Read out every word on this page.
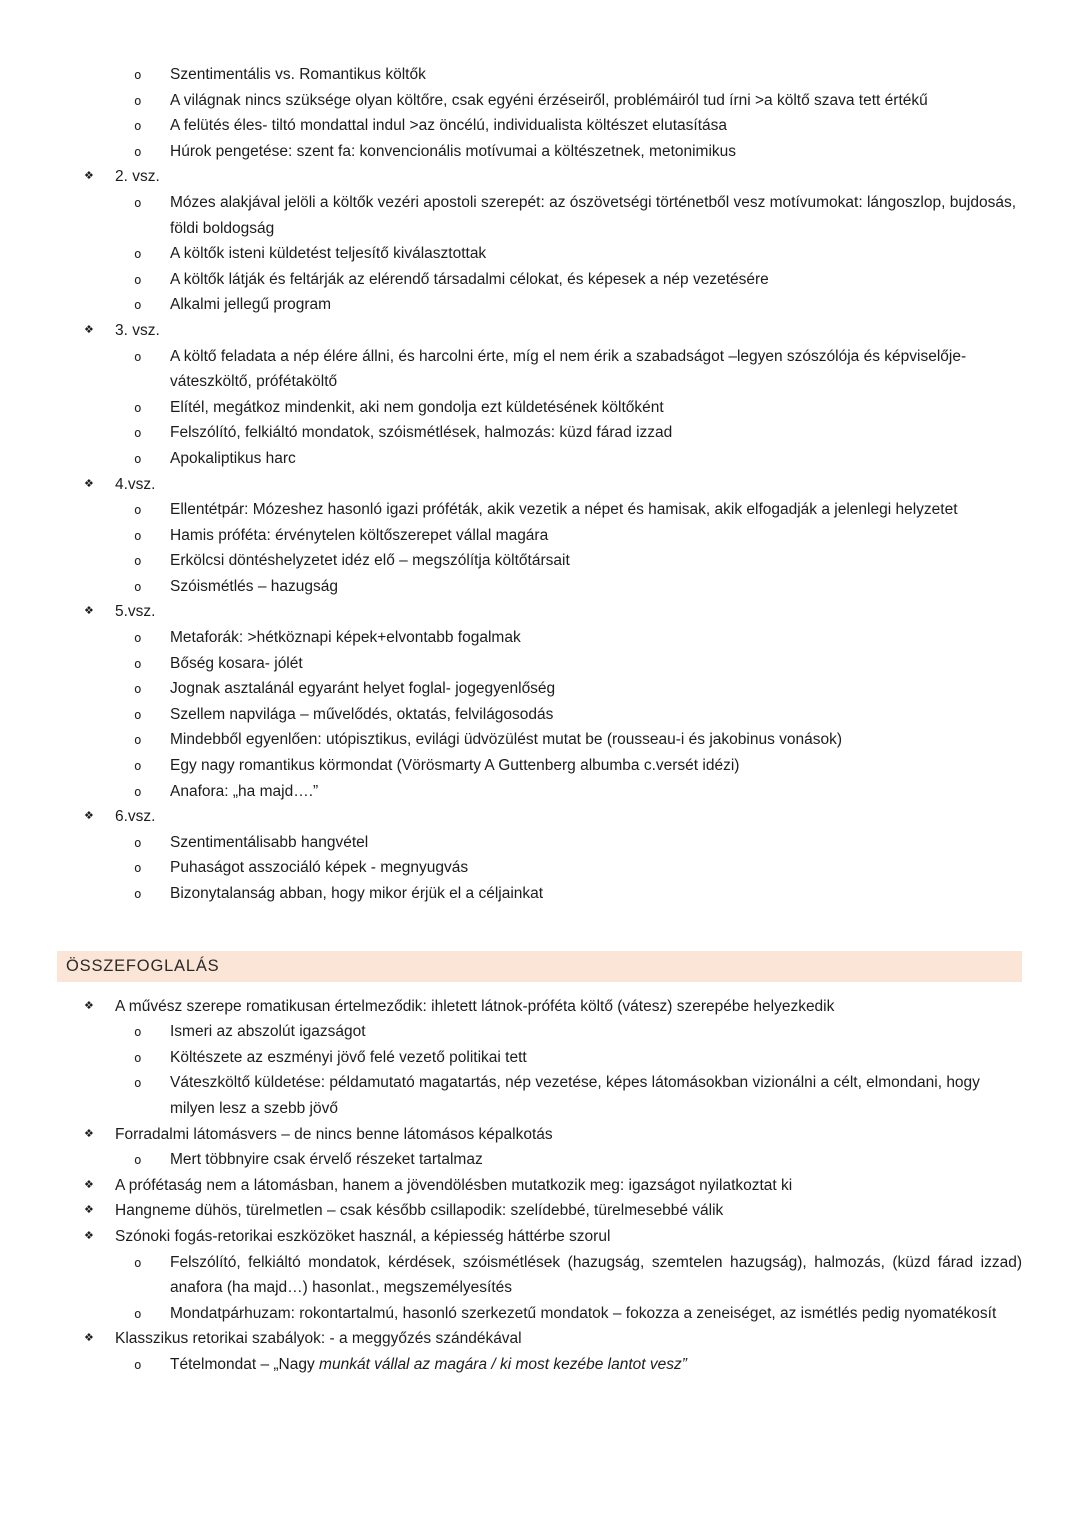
o	Szentimentális vs. Romantikus költők
o	A világnak nincs szüksége olyan költőre, csak egyéni érzéseiről, problémáiról tud írni >a költő szava tett értékű
o	A felütés éles- tiltó mondattal indul >az öncélú, individualista költészet elutasítása
o	Húrok pengetése: szent fa: konvencionális motívumai a költészetnek, metonimikus
❖	2. vsz.
o	Mózes alakjával jelöli a költők vezéri apostoli szerepét: az ószövetségi történetből vesz motívumokat: lángoszlop, bujdosás, földi boldogság
o	A költők isteni küldetést teljesítő kiválasztottak
o	A költők látják és feltárják az elérendő társadalmi célokat, és képesek a nép vezetésére
o	Alkalmi jellegű program
❖	3. vsz.
o	A költő feladata a nép élére állni, és harcolni érte, míg el nem érik a szabadságot –legyen szószólója és képviselője-váteszköltő, prófétaköltő
o	Elítél, megátkoz mindenkit, aki nem gondolja ezt küldetésének költőként
o	Felszólító, felkiáltó mondatok, szóismétlések, halmozás: küzd fárad izzad
o	Apokaliptikus harc
❖	4.vsz.
o	Ellentétpár: Mózeshez hasonló igazi próféták, akik vezetik a népet és hamisak, akik elfogadják a jelenlegi helyzetet
o	Hamis próféta: érvénytelen költőszerepet vállal magára
o	Erkölcsi döntéshelyzetet idéz elő – megszólítja költőtársait
o	Szóismétlés – hazugság
❖	5.vsz.
o	Metaforák: >hétköznapi képek+elvontabb fogalmak
o	Bőség kosara- jólét
o	Jognak asztalánál egyaránt helyet foglal- jogegyenlőség
o	Szellem napvilága – művelődés, oktatás, felvilágosodás
o	Mindebből egyenlően: utópisztikus, evilági üdvözülést mutat be (rousseau-i és jakobinus vonások)
o	Egy nagy romantikus körmondat (Vörösmarty A Guttenberg albumba c.versét idézi)
o	Anafora: „ha majd….”
❖	6.vsz.
o	Szentimentálisabb hangvétel
o	Puhaságot asszociáló képek - megnyugvás
o	Bizonytalanság abban, hogy mikor érjük el a céljainkat
ÖSSZEFOGLALÁS
❖	A művész szerepe romatikusan értelmeződik: ihletett látnok-próféta költő (vátesz) szerepébe helyezkedik
o	Ismeri az abszolút igazságot
o	Költészete az eszményi jövő felé vezető politikai tett
o	Váteszköltő küldetése: példamutató magatartás, nép vezetése, képes látomásokban vizionálni a célt, elmondani, hogy milyen lesz a szebb jövő
❖	Forradalmi látomásvers – de nincs benne látomásos képalkotás
o	Mert többnyire csak érvelő részeket tartalmaz
❖	A prófétaság nem a látomásban, hanem a jövendölésben mutatkozik meg: igazságot nyilatkoztat ki
❖	Hangneme dühös, türelmetlen – csak később csillapodik: szelídebbé, türelmesebbé válik
❖	Szónoki fogás-retorikai eszközöket használ, a képiesség háttérbe szorul
o	Felszólító, felkiáltó mondatok, kérdések, szóismétlések (hazugság, szemtelen hazugság), halmozás, (küzd fárad izzad) anafora (ha majd…) hasonlat., megszemélyesítés
o	Mondatpárhuzam: rokontartalmú, hasonló szerkezetű mondatok – fokozza a zeneiséget, az ismétlés pedig nyomatékosít
❖	Klasszikus retorikai szabályok: - a meggyőzés szándékával
o	Tételmondat – „Nagy munkát vállal az magára / ki most kezébe lantot vesz”
